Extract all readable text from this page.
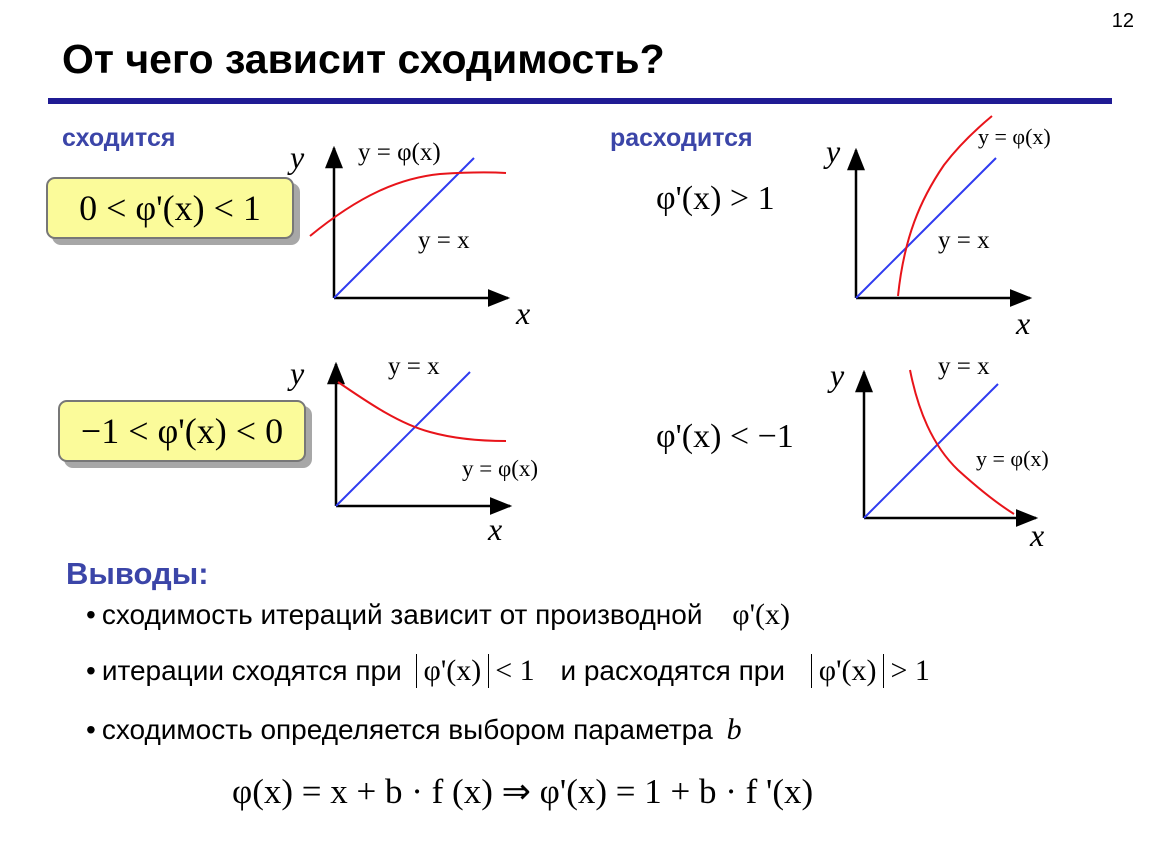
12
От чего зависит сходимость?
сходится	расходится
0 < φ'(x) < 1
−1 < φ'(x) < 0
φ'(x) > 1
φ'(x) < −1
y
x
y = φ(x)
y = x
y
x
y = φ(x)
y = x
y
x
y = x
y = φ(x)
y
x
y = x
y = φ(x)
Выводы:
• сходимость итераций зависит от производной φ'(x)
• итерации сходятся при φ'(x) < 1 и расходятся при φ'(x) > 1
• сходимость определяется выбором параметра b
φ(x) = x + b · f (x) ⇒ φ'(x) = 1 + b · f '(x)
